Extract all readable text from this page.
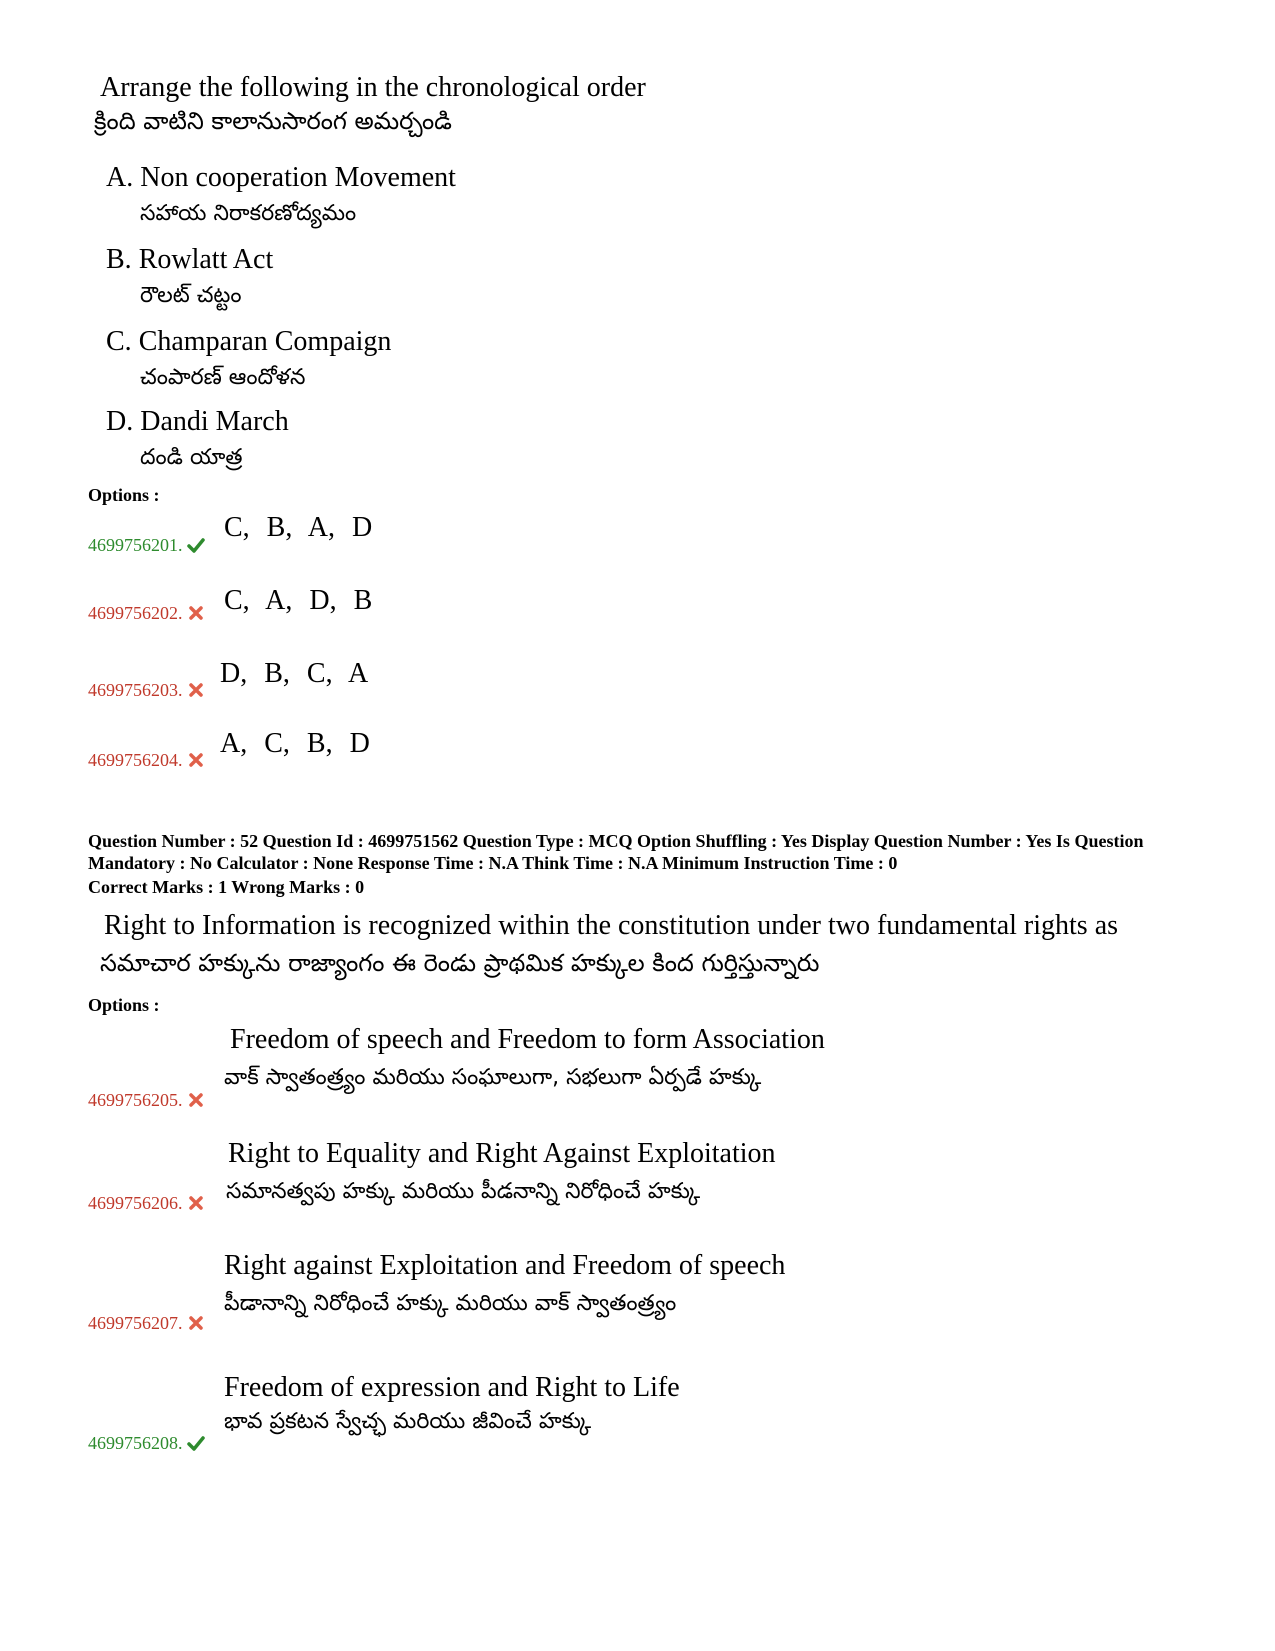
Arrange the following in the chronological order
క్రింది వాటిని కాలానుసారంగ అమర్చండి
A. Non cooperation Movement
సహాయ నిరాకరణోద్యమం
B. Rowlatt Act
రౌలట్ చట్టం
C. Champaran Compaign
చంపారణ్ ఆందోళన
D. Dandi March
దండి యాత్ర
Options :
4699756201.
C, B, A, D
4699756202.	C, A, D, B
4699756203.
D, B, C, A
4699756204.
A, C, B, D
Question Number : 52 Question Id : 4699751562 Question Type : MCQ Option Shuffling : Yes Display Question Number : Yes Is Question Mandatory : No Calculator : None Response Time : N.A Think Time : N.A Minimum Instruction Time : 0
Correct Marks : 1 Wrong Marks : 0
Right to Information is recognized within the constitution under two fundamental rights as
సమాచార హక్కును రాజ్యాంగం ఈ రెండు ప్రాథమిక హక్కుల కింద గుర్తిస్తున్నారు
Options :
Freedom of speech and Freedom to form Association
వాక్ స్వాతంత్ర్యం మరియు సంఘాలుగా, సభలుగా ఏర్పడే హక్కు
4699756205.
Right to Equality and Right Against Exploitation
సమానత్వపు హక్కు మరియు పీడనాన్ని నిరోధించే హక్కు
4699756206.
Right against Exploitation and Freedom of speech
పీడానాన్ని నిరోధించే హక్కు మరియు వాక్ స్వాతంత్ర్యం
4699756207.
Freedom of expression and Right to Life
భావ ప్రకటన స్వేచ్ఛ మరియు జీవించే హక్కు
4699756208.
